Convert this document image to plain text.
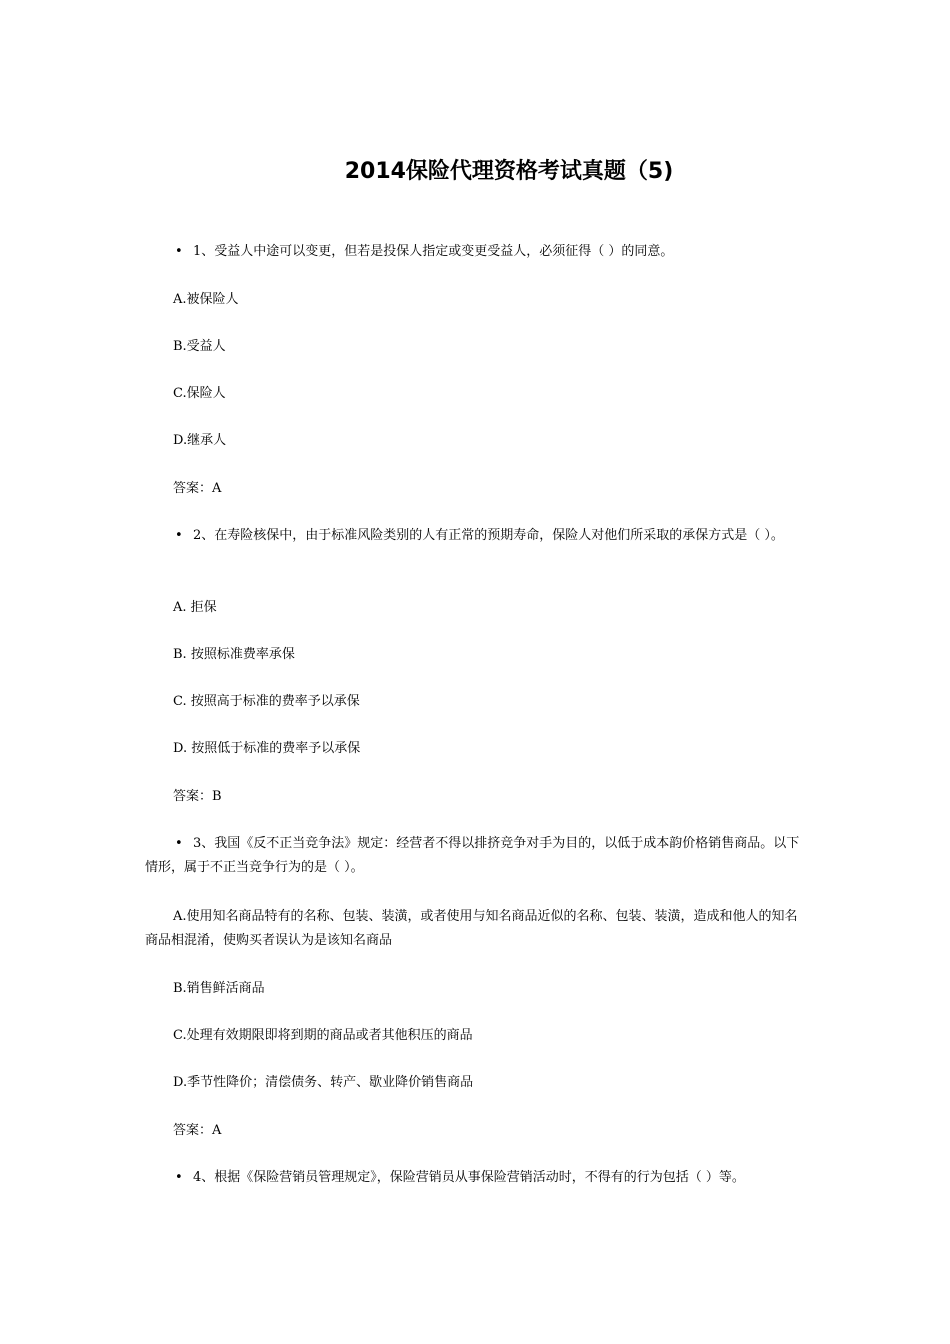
2014保险代理资格考试真题（5)
• 1、受益人中途可以变更，但若是投保人指定或变更受益人，必须征得（ ）的同意。
A.被保险人
B.受益人
C.保险人
D.继承人
答案：A
• 2、在寿险核保中，由于标准风险类别的人有正常的预期寿命，保险人对他们所采取的承保方式是（ ）。
A. 拒保
B. 按照标准费率承保
C. 按照高于标准的费率予以承保
D. 按照低于标准的费率予以承保
答案：B
• 3、我国《反不正当竞争法》规定：经营者不得以排挤竞争对手为目的，以低于成本韵价格销售商品。以下情形，属于不正当竞争行为的是（ ）。
A.使用知名商品特有的名称、包装、装潢，或者使用与知名商品近似的名称、包装、装潢，造成和他人的知名商品相混淆，使购买者误认为是该知名商品
B.销售鲜活商品
C.处理有效期限即将到期的商品或者其他积压的商品
D.季节性降价；清偿债务、转产、歇业降价销售商品
答案：A
• 4、根据《保险营销员管理规定》，保险营销员从事保险营销活动时，不得有的行为包括（ ）等。
